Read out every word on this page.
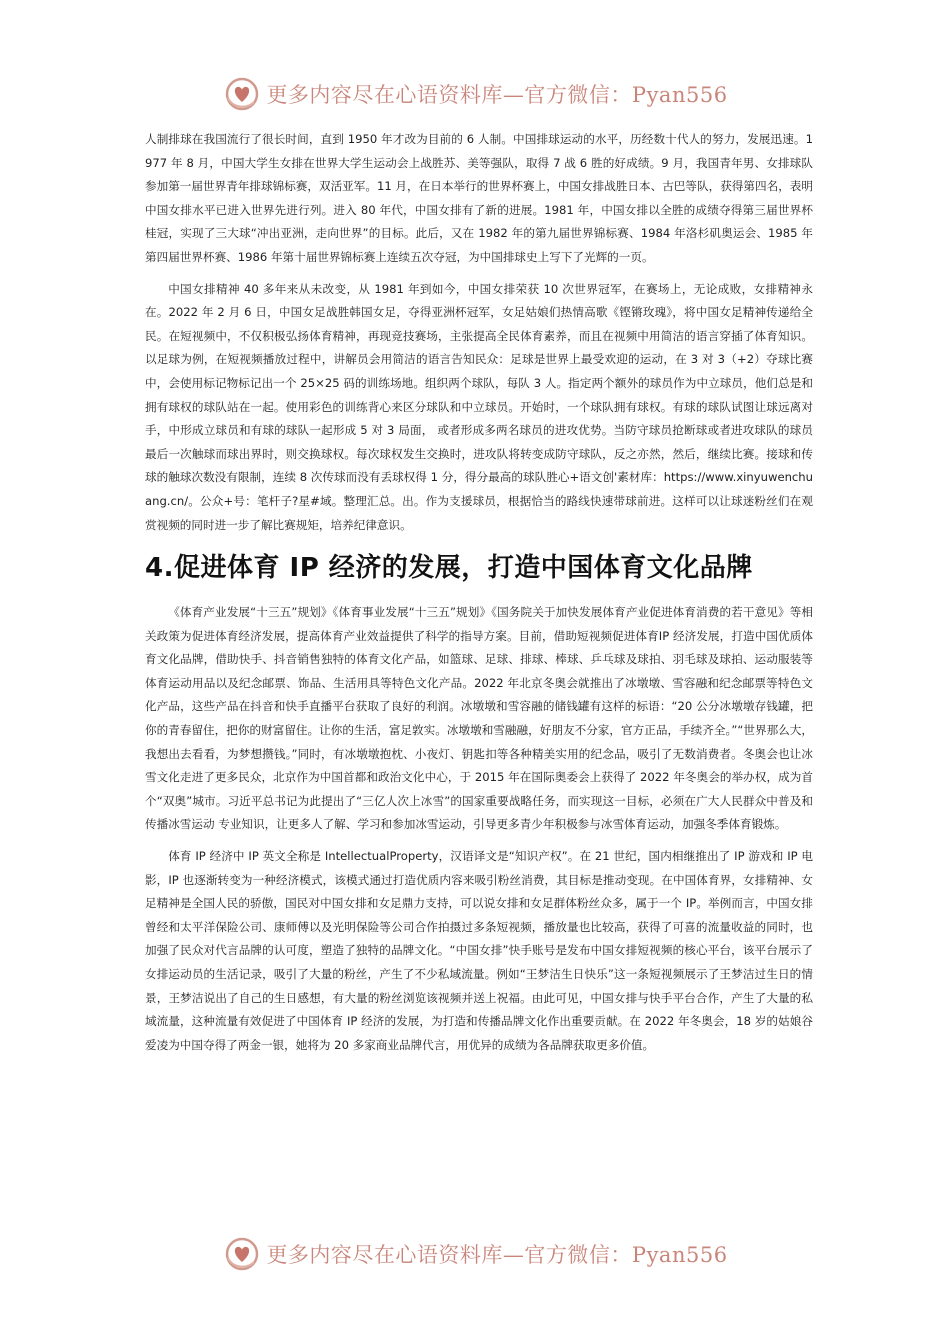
更多内容尽在心语资料库—官方微信：Pyan556

人制排球在我国流行了很长时间，直到 1950 年才改为目前的 6 人制。中国排球运动的水平，历经数十代人的努力，发展迅速。1977 年 8 月，中国大学生女排在世界大学生运动会上战胜苏、美等强队，取得 7 战 6 胜的好成绩。9 月，我国青年男、女排球队参加第一届世界青年排球锦标赛，双活亚军。11 月，在日本举行的世界杯赛上，中国女排战胜日本、古巴等队，获得第四名，表明中国女排水平已进入世界先进行列。进入 80 年代，中国女排有了新的进展。1981 年，中国女排以全胜的成绩夺得第三届世界杯桂冠，实现了三大球“冲出亚洲，走向世界”的目标。此后，又在 1982 年的第九届世界锦标赛、1984 年洛杉矶奥运会、1985 年第四届世界杯赛、1986 年第十届世界锦标赛上连续五次夺冠，为中国排球史上写下了光辉的一页。

中国女排精神 40 多年来从未改变，从 1981 年到如今，中国女排荣获 10 次世界冠军，在赛场上，无论成败，女排精神永在。2022 年 2 月 6 日，中国女足战胜韩国女足，夺得亚洲杯冠军，女足姑娘们热情高歌《铿锵玫瑰》，将中国女足精神传递给全民。在短视频中，不仅积极弘扬体育精神，再现竞技赛场，主张提高全民体育素养，而且在视频中用简洁的语言穿插了体育知识。以足球为例，在短视频播放过程中，讲解员会用简洁的语言告知民众：足球是世界上最受欢迎的运动，在 3 对 3（+2）夺球比赛中，会使用标记物标记出一个 25×25 码的训练场地。组织两个球队，每队 3 人。指定两个额外的球员作为中立球员，他们总是和拥有球权的球队站在一起。使用彩色的训练背心来区分球队和中立球员。开始时，一个球队拥有球权。有球的球队试图让球远离对手，中形成立球员和有球的球队一起形成 5 对 3 局面， 或者形成多两名球员的进攻优势。当防守球员抢断球或者进攻球队的球员最后一次触球而球出界时，则交换球权。每次球权发生交换时，进攻队将转变成防守球队，反之亦然，然后，继续比赛。接球和传球的触球次数没有限制，连续 8 次传球而没有丢球权得 1 分，得分最高的球队胜心+语文创'素材库：https://www.xinyuwenchuang.cn/。公众+号：笔杆子?星#域。整理汇总。出。作为支援球员，根据恰当的路线快速带球前进。这样可以让球迷粉丝们在观赏视频的同时进一步了解比赛规矩，培养纪律意识。

4.促进体育 IP 经济的发展，打造中国体育文化品牌

《体育产业发展“十三五”规划》《体育事业发展“十三五”规划》《国务院关于加快发展体育产业促进体育消费的若干意见》等相关政策为促进体育经济发展，提高体育产业效益提供了科学的指导方案。目前，借助短视频促进体育IP 经济发展，打造中国优质体育文化品牌，借助快手、抖音销售独特的体育文化产品，如篮球、足球、排球、棒球、乒乓球及球拍、羽毛球及球拍、运动服装等体育运动用品以及纪念邮票、饰品、生活用具等特色文化产品。2022 年北京冬奥会就推出了冰墩墩、雪容融和纪念邮票等特色文化产品，这些产品在抖音和快手直播平台获取了良好的利润。冰墩墩和雪容融的储钱罐有这样的标语：“20 公分冰墩墩存钱罐，把你的青春留住，把你的财富留住。让你的生活，富足敦实。冰墩墩和雪融融，好朋友不分家，官方正品，手续齐全。”“世界那么大，我想出去看看，为梦想攒钱。”同时，有冰墩墩抱枕、小夜灯、钥匙扣等各种精美实用的纪念品，吸引了无数消费者。冬奥会也让冰雪文化走进了更多民众，北京作为中国首都和政治文化中心，于 2015 年在国际奥委会上获得了 2022 年冬奥会的举办权，成为首个“双奥”城市。习近平总书记为此提出了“三亿人次上冰雪”的国家重要战略任务，而实现这一目标，必须在广大人民群众中普及和传播冰雪运动 专业知识，让更多人了解、学习和参加冰雪运动，引导更多青少年积极参与冰雪体育运动，加强冬季体育锻炼。

体育 IP 经济中 IP 英文全称是 IntellectualProperty，汉语译文是“知识产权”。在 21 世纪，国内相继推出了 IP 游戏和 IP 电影，IP 也逐渐转变为一种经济模式，该模式通过打造优质内容来吸引粉丝消费，其目标是推动变现。在中国体育界，女排精神、女足精神是全国人民的骄傲，国民对中国女排和女足鼎力支持，可以说女排和女足群体粉丝众多，属于一个 IP。举例而言，中国女排曾经和太平洋保险公司、康师傅以及光明保险等公司合作拍摄过多条短视频，播放量也比较高，获得了可喜的流量收益的同时，也加强了民众对代言品牌的认可度，塑造了独特的品牌文化。“中国女排”快手账号是发布中国女排短视频的核心平台，该平台展示了女排运动员的生活记录，吸引了大量的粉丝，产生了不少私域流量。例如“王梦洁生日快乐”这一条短视频展示了王梦洁过生日的情景，王梦洁说出了自己的生日感想，有大量的粉丝浏览该视频并送上祝福。由此可见，中国女排与快手平台合作，产生了大量的私域流量，这种流量有效促进了中国体育 IP 经济的发展，为打造和传播品牌文化作出重要贡献。在 2022 年冬奥会，18 岁的姑娘谷爱凌为中国夺得了两金一银，她将为 20 多家商业品牌代言，用优异的成绩为各品牌获取更多价值。

更多内容尽在心语资料库—官方微信：Pyan556
